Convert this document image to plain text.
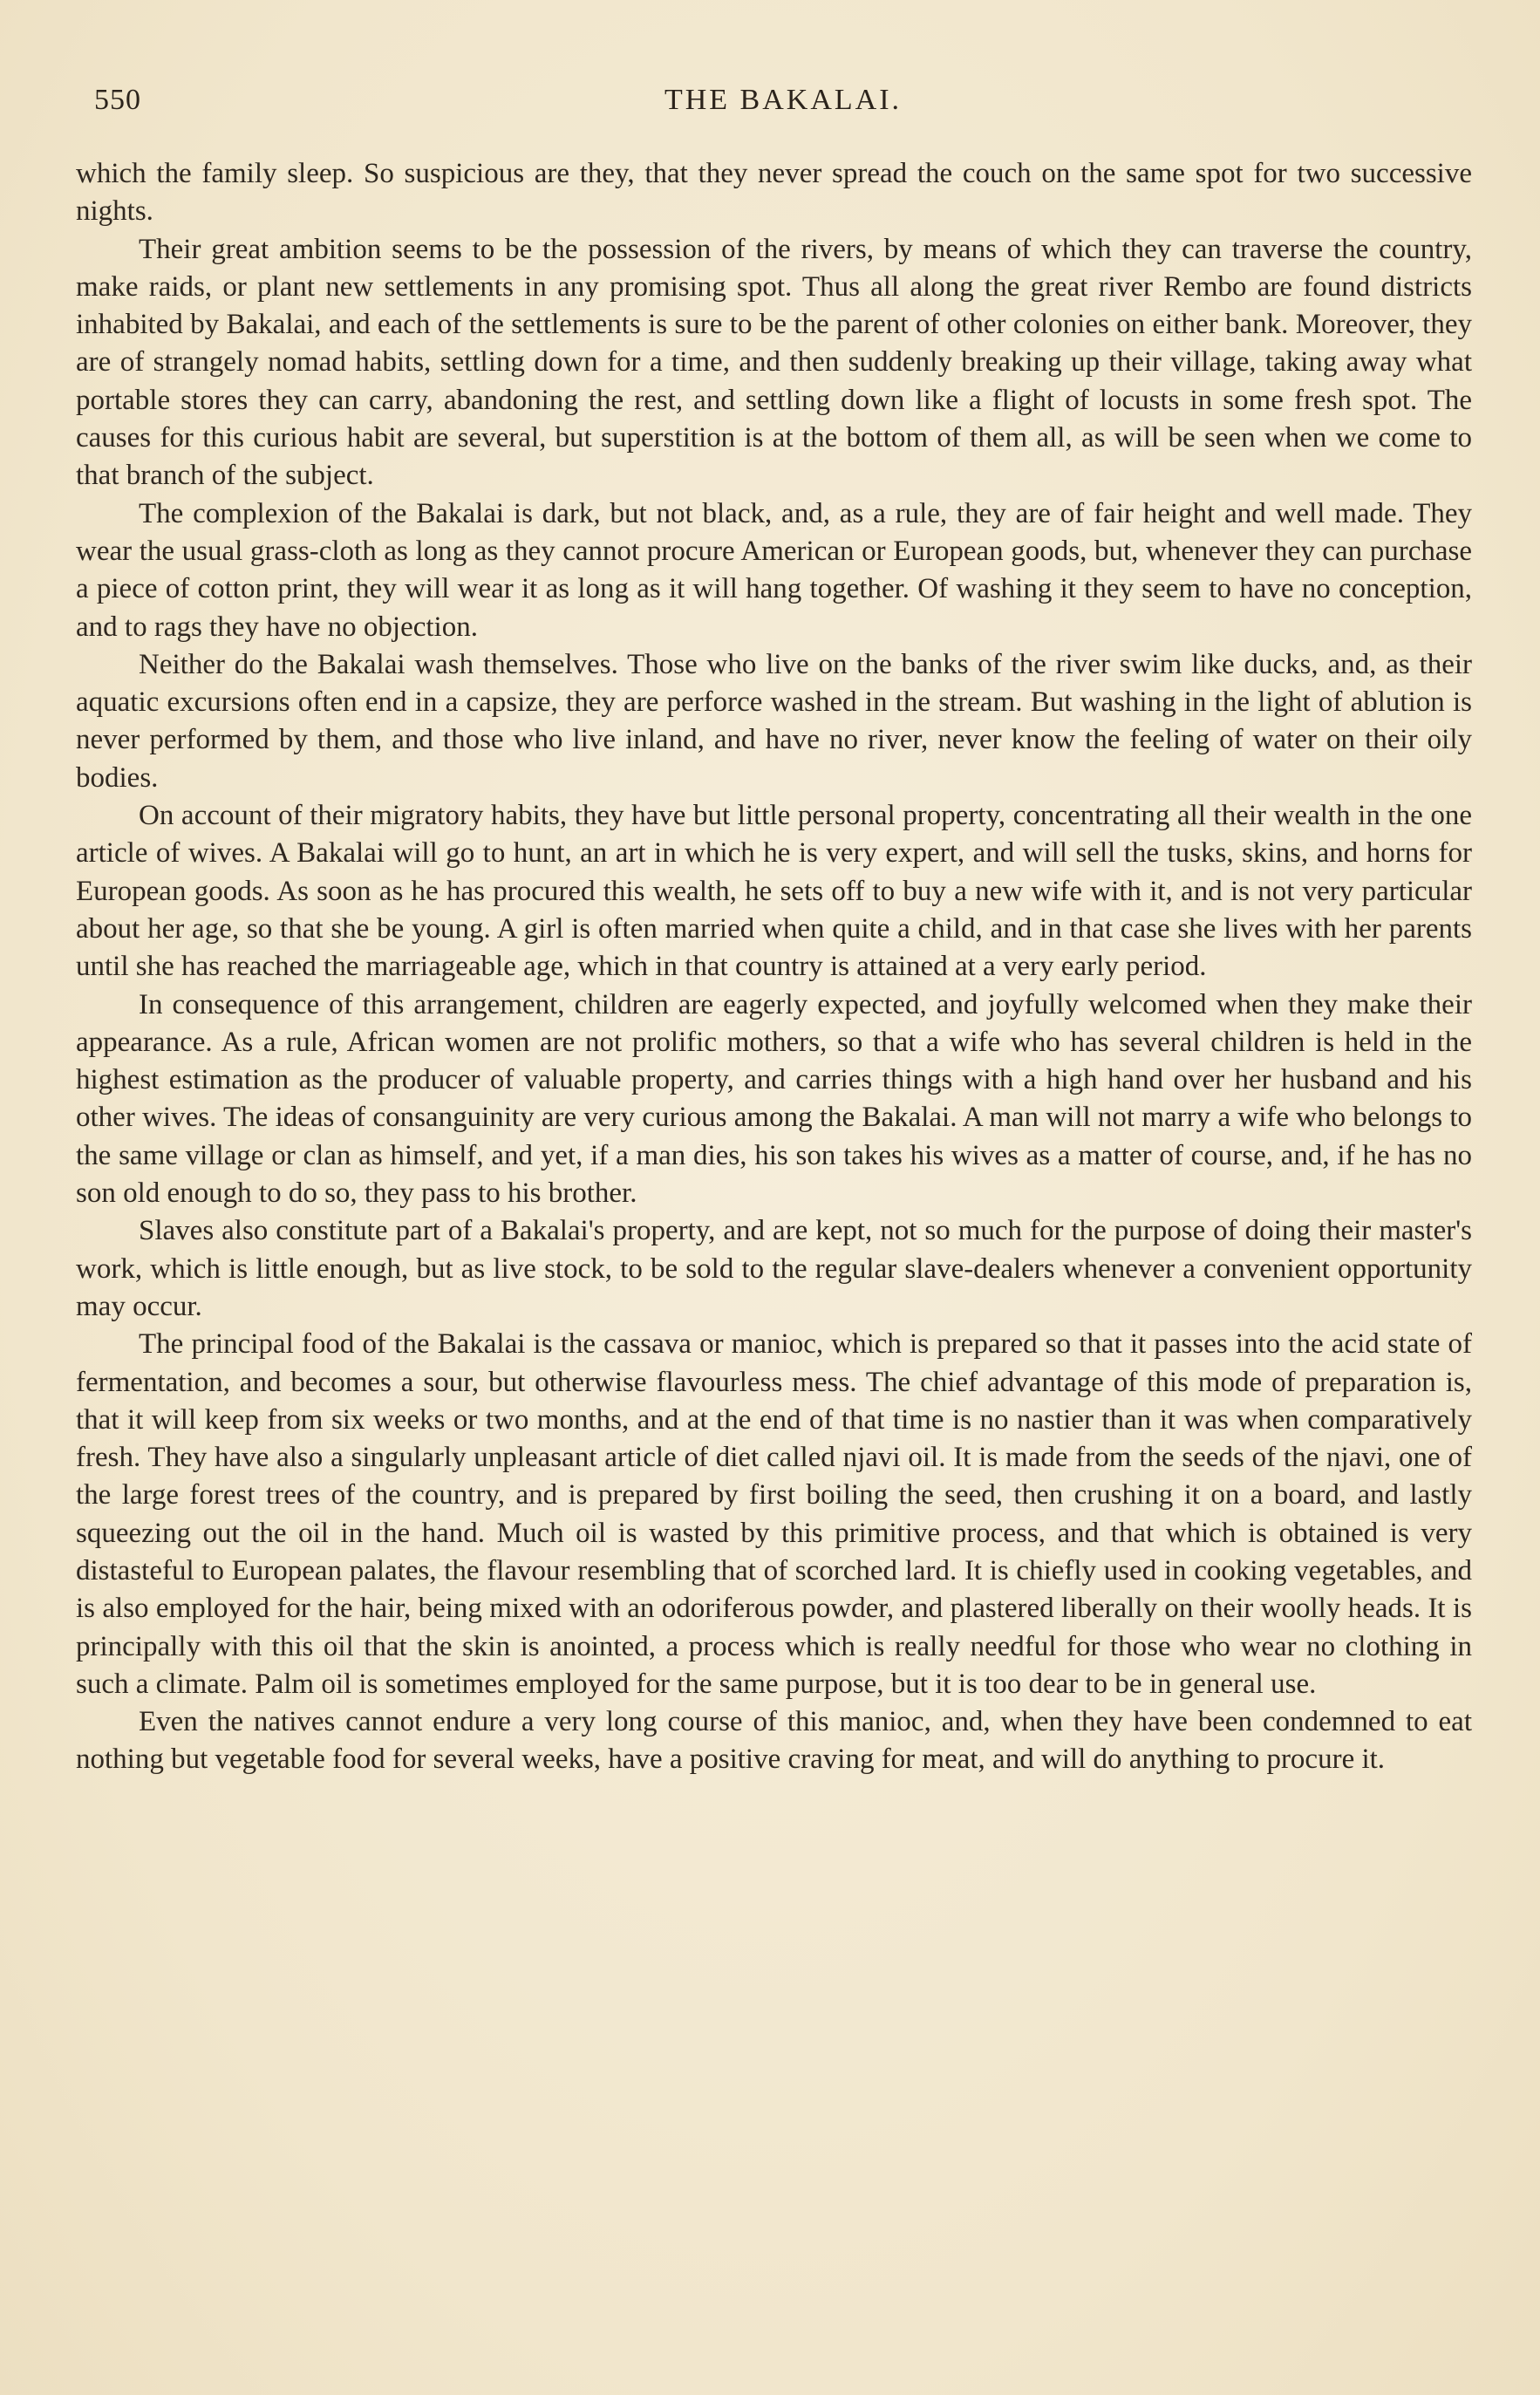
550	THE BAKALAI.

which the family sleep. So suspicious are they, that they never spread the couch on the same spot for two successive nights.

Their great ambition seems to be the possession of the rivers, by means of which they can traverse the country, make raids, or plant new settlements in any promising spot. Thus all along the great river Rembo are found districts inhabited by Bakalai, and each of the settlements is sure to be the parent of other colonies on either bank. Moreover, they are of strangely nomad habits, settling down for a time, and then suddenly breaking up their village, taking away what portable stores they can carry, abandoning the rest, and settling down like a flight of locusts in some fresh spot. The causes for this curious habit are several, but superstition is at the bottom of them all, as will be seen when we come to that branch of the subject.

The complexion of the Bakalai is dark, but not black, and, as a rule, they are of fair height and well made. They wear the usual grass-cloth as long as they cannot procure American or European goods, but, whenever they can purchase a piece of cotton print, they will wear it as long as it will hang together. Of washing it they seem to have no conception, and to rags they have no objection.

Neither do the Bakalai wash themselves. Those who live on the banks of the river swim like ducks, and, as their aquatic excursions often end in a capsize, they are perforce washed in the stream. But washing in the light of ablution is never performed by them, and those who live inland, and have no river, never know the feeling of water on their oily bodies.

On account of their migratory habits, they have but little personal property, concentrating all their wealth in the one article of wives. A Bakalai will go to hunt, an art in which he is very expert, and will sell the tusks, skins, and horns for European goods. As soon as he has procured this wealth, he sets off to buy a new wife with it, and is not very particular about her age, so that she be young. A girl is often married when quite a child, and in that case she lives with her parents until she has reached the marriageable age, which in that country is attained at a very early period.

In consequence of this arrangement, children are eagerly expected, and joyfully welcomed when they make their appearance. As a rule, African women are not prolific mothers, so that a wife who has several children is held in the highest estimation as the producer of valuable property, and carries things with a high hand over her husband and his other wives. The ideas of consanguinity are very curious among the Bakalai. A man will not marry a wife who belongs to the same village or clan as himself, and yet, if a man dies, his son takes his wives as a matter of course, and, if he has no son old enough to do so, they pass to his brother.

Slaves also constitute part of a Bakalai's property, and are kept, not so much for the purpose of doing their master's work, which is little enough, but as live stock, to be sold to the regular slave-dealers whenever a convenient opportunity may occur.

The principal food of the Bakalai is the cassava or manioc, which is prepared so that it passes into the acid state of fermentation, and becomes a sour, but otherwise flavourless mess. The chief advantage of this mode of preparation is, that it will keep from six weeks or two months, and at the end of that time is no nastier than it was when comparatively fresh. They have also a singularly unpleasant article of diet called njavi oil. It is made from the seeds of the njavi, one of the large forest trees of the country, and is prepared by first boiling the seed, then crushing it on a board, and lastly squeezing out the oil in the hand. Much oil is wasted by this primitive process, and that which is obtained is very distasteful to European palates, the flavour resembling that of scorched lard. It is chiefly used in cooking vegetables, and is also employed for the hair, being mixed with an odoriferous powder, and plastered liberally on their woolly heads. It is principally with this oil that the skin is anointed, a process which is really needful for those who wear no clothing in such a climate. Palm oil is sometimes employed for the same purpose, but it is too dear to be in general use.

Even the natives cannot endure a very long course of this manioc, and, when they have been condemned to eat nothing but vegetable food for several weeks, have a positive craving for meat, and will do anything to procure it.
